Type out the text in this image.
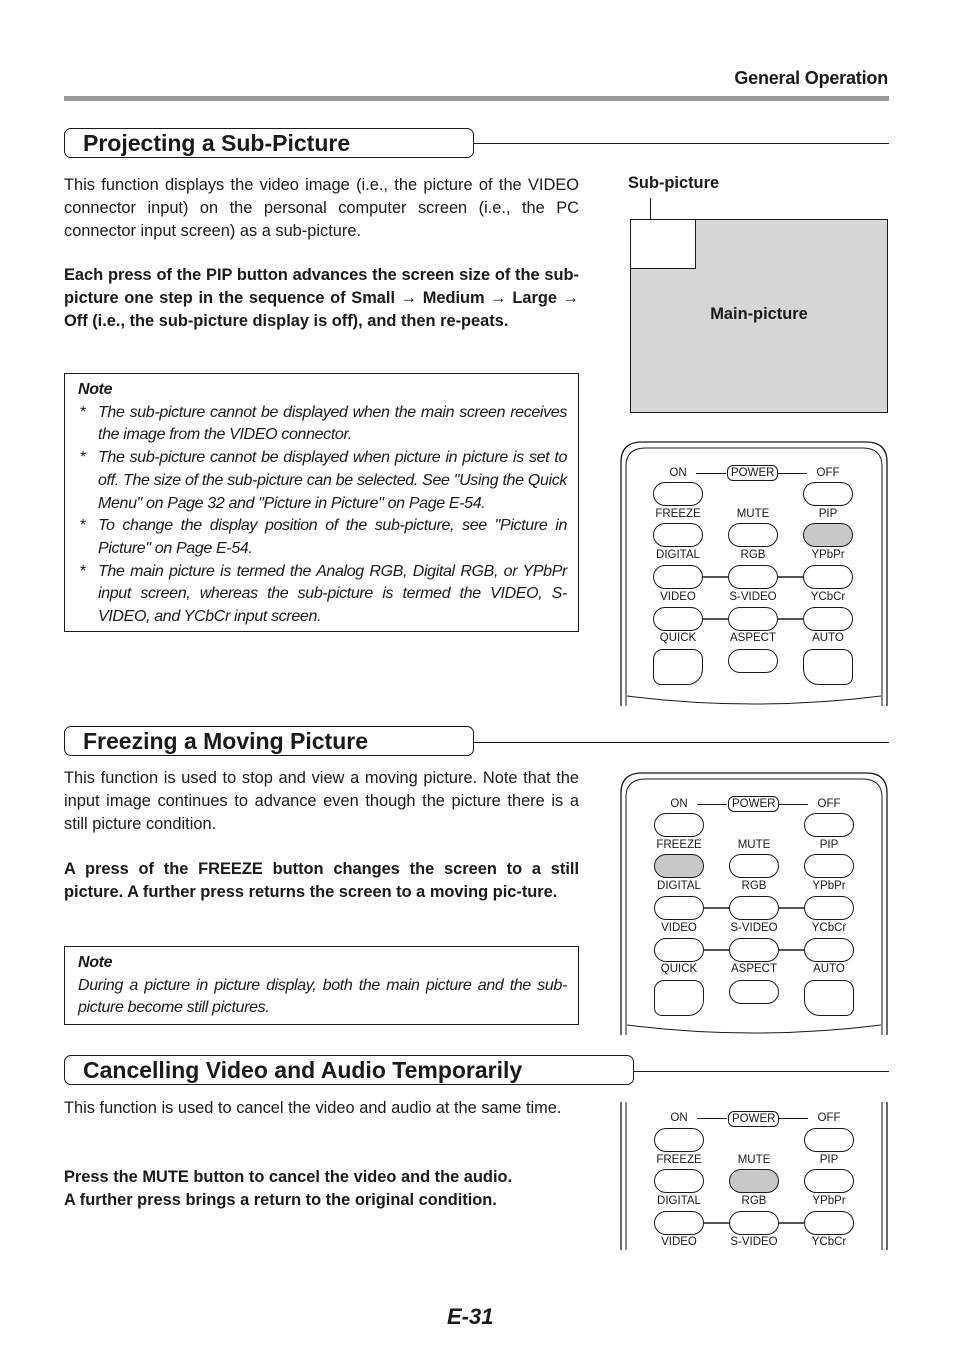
General Operation
Projecting a Sub-Picture
This function displays the video image (i.e., the picture of the VIDEO connector input) on the personal computer screen (i.e., the PC connector input screen) as a sub-picture.
Each press of the PIP button advances the screen size of the sub-picture one step in the sequence of Small → Medium → Large → Off (i.e., the sub-picture display is off), and then re-peats.
Note
* The sub-picture cannot be displayed when the main screen receives the image from the VIDEO connector.
* The sub-picture cannot be displayed when picture in picture is set to off. The size of the sub-picture can be selected. See "Using the Quick Menu" on Page 32 and "Picture in Picture" on Page E-54.
* To change the display position of the sub-picture, see "Picture in Picture" on Page E-54.
* The main picture is termed the Analog RGB, Digital RGB, or YPbPr input screen, whereas the sub-picture is termed the VIDEO, S-VIDEO, and YCbCr input screen.
Sub-picture
Main-picture
ON	POWER	OFF
FREEZE	MUTE	PIP
DIGITAL	RGB	YPbPr
VIDEO	S-VIDEO	YCbCr
QUICK	ASPECT	AUTO
Freezing a Moving Picture
This function is used to stop and view a moving picture. Note that the input image continues to advance even though the picture there is a still picture condition.
A press of the FREEZE button changes the screen to a still picture. A further press returns the screen to a moving pic-ture.
Note
During a picture in picture display, both the main picture and the sub-picture become still pictures.
ON	POWER	OFF
FREEZE	MUTE	PIP
DIGITAL	RGB	YPbPr
VIDEO	S-VIDEO	YCbCr
QUICK	ASPECT	AUTO
Cancelling Video and Audio Temporarily
This function is used to cancel the video and audio at the same time.
Press the MUTE button to cancel the video and the audio.
A further press brings a return to the original condition.
ON	POWER	OFF
FREEZE	MUTE	PIP
DIGITAL	RGB	YPbPr
VIDEO	S-VIDEO	YCbCr
E-31
